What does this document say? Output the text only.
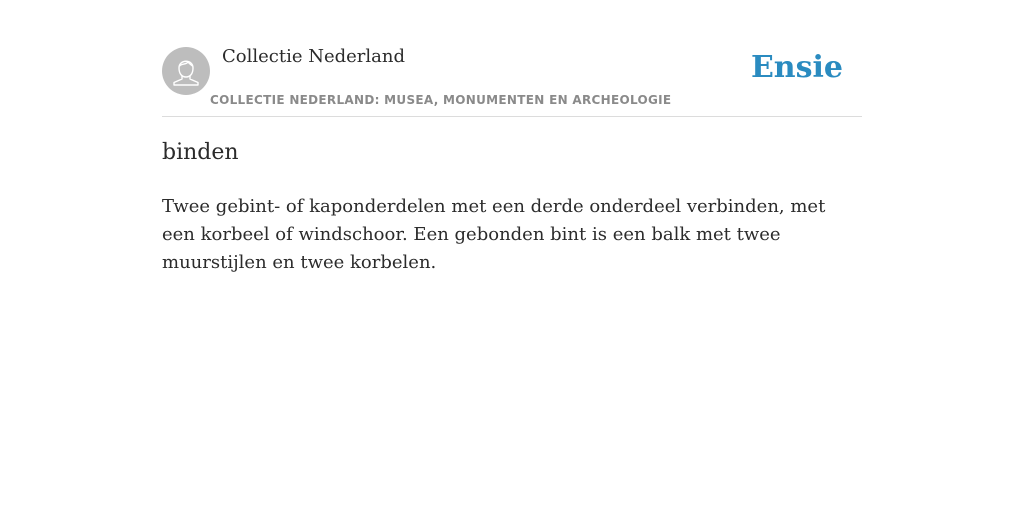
Collectie Nederland
COLLECTIE NEDERLAND: MUSEA, MONUMENTEN EN ARCHEOLOGIE
Ensie
binden
Twee gebint- of kaponderdelen met een derde onderdeel verbinden, met een korbeel of windschoor. Een gebonden bint is een balk met twee muurstijlen en twee korbelen.
